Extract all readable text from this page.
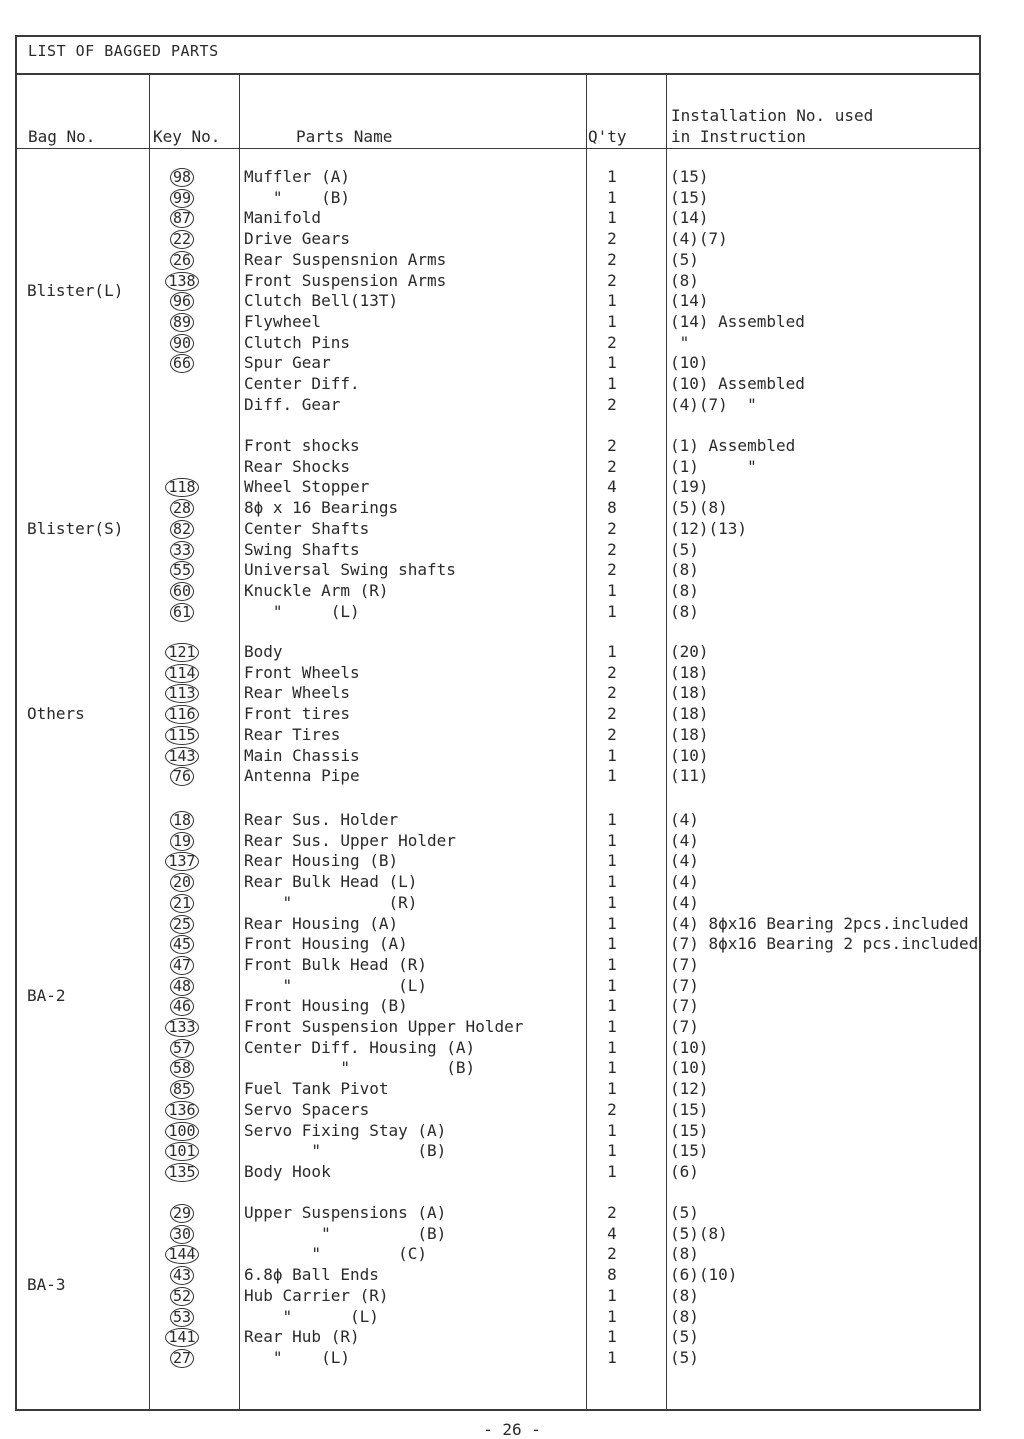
LIST OF BAGGED PARTS
Bag No.	Key No.	Parts Name	Q'ty
Installation No. used
in Instruction
Blister(L)
98	Muffler (A)	1	(15)
99	"    (B)	1	(15)
87	Manifold	1	(14)
22	Drive Gears	2	(4)(7)
26	Rear Suspensnion Arms	2	(5)
138	Front Suspension Arms	2	(8)
96	Clutch Bell(13T)	1	(14)
89	Flywheel	1	(14) Assembled
90	Clutch Pins	2	"
66	Spur Gear	1	(10)
Center Diff.	1	(10) Assembled
Diff. Gear	2	(4)(7)  "
Blister(S)
Front shocks	2	(1) Assembled
Rear Shocks	2	(1)     "
118	Wheel Stopper	4	(19)
28	8ϕ x 16 Bearings	8	(5)(8)
82	Center Shafts	2	(12)(13)
33	Swing Shafts	2	(5)
55	Universal Swing shafts	2	(8)
60	Knuckle Arm (R)	1	(8)
61	"     (L)	1	(8)
Others
121	Body	1	(20)
114	Front Wheels	2	(18)
113	Rear Wheels	2	(18)
116	Front tires	2	(18)
115	Rear Tires	2	(18)
143	Main Chassis	1	(10)
76	Antenna Pipe	1	(11)
BA-2
18	Rear Sus. Holder	1	(4)
19	Rear Sus. Upper Holder	1	(4)
137	Rear Housing (B)	1	(4)
20	Rear Bulk Head (L)	1	(4)
21	"          (R)	1	(4)
25	Rear Housing (A)	1	(4) 8ϕx16 Bearing 2pcs.included
45	Front Housing (A)	1	(7) 8ϕx16 Bearing 2 pcs.included
47	Front Bulk Head (R)	1	(7)
48	"           (L)	1	(7)
46	Front Housing (B)	1	(7)
133	Front Suspension Upper Holder	1	(7)
57	Center Diff. Housing (A)	1	(10)
58	"          (B)	1	(10)
85	Fuel Tank Pivot	1	(12)
136	Servo Spacers	2	(15)
100	Servo Fixing Stay (A)	1	(15)
101	"          (B)	1	(15)
135	Body Hook	1	(6)
BA-3
29	Upper Suspensions (A)	2	(5)
30	"         (B)	4	(5)(8)
144	"        (C)	2	(8)
43	6.8ϕ Ball Ends	8	(6)(10)
52	Hub Carrier (R)	1	(8)
53	"      (L)	1	(8)
141	Rear Hub (R)	1	(5)
27	"    (L)	1	(5)
- 26 -
